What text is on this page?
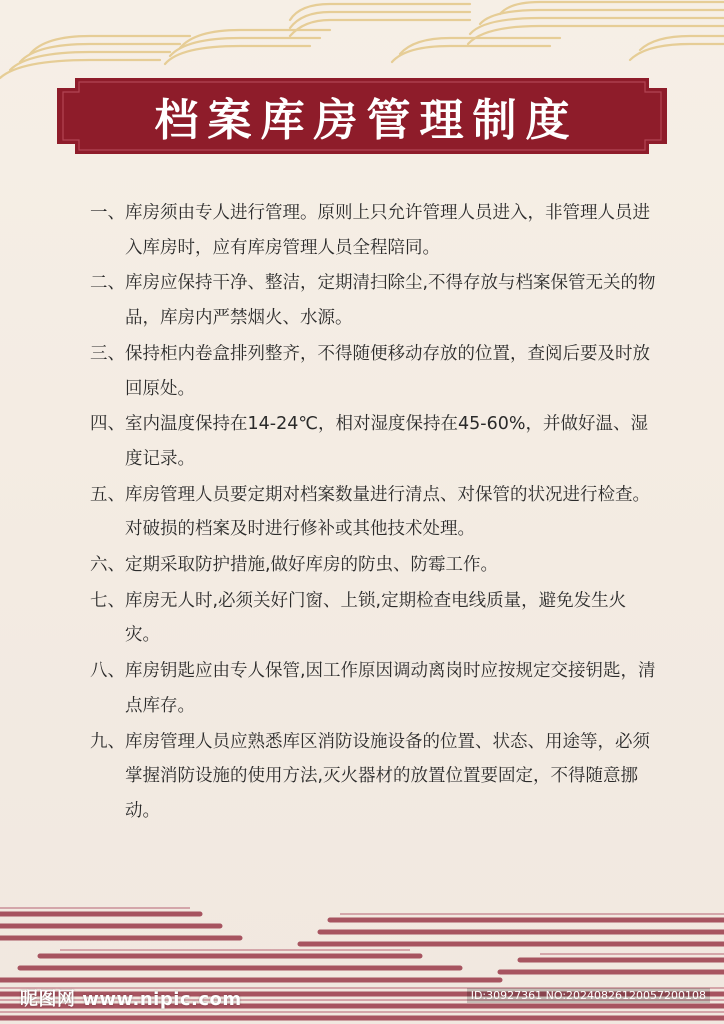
档案库房管理制度
一、 库房须由专人进行管理。原则上只允许管理人员进入，非管理人员进入库房时，应有库房管理人员全程陪同。
二、 库房应保持干净、整洁，定期清扫除尘,不得存放与档案保管无关的物品，库房内严禁烟火、水源。
三、 保持柜内卷盒排列整齐，不得随便移动存放的位置，查阅后要及时放回原处。
四、 室内温度保持在14-24℃，相对湿度保持在45-60%，并做好温、湿度记录。
五、 库房管理人员要定期对档案数量进行清点、对保管的状况进行检查。对破损的档案及时进行修补或其他技术处理。
六、 定期采取防护措施,做好库房的防虫、防霉工作。
七、 库房无人时,必须关好门窗、上锁,定期检查电线质量，避免发生火灾。
八、 库房钥匙应由专人保管,因工作原因调动离岗时应按规定交接钥匙，清点库存。
九、 库房管理人员应熟悉库区消防设施设备的位置、状态、用途等，必须掌握消防设施的使用方法,灭火器材的放置位置要固定，不得随意挪动。
昵图网 www.nipic.com	ID:30927361 NO:20240826120057200108
